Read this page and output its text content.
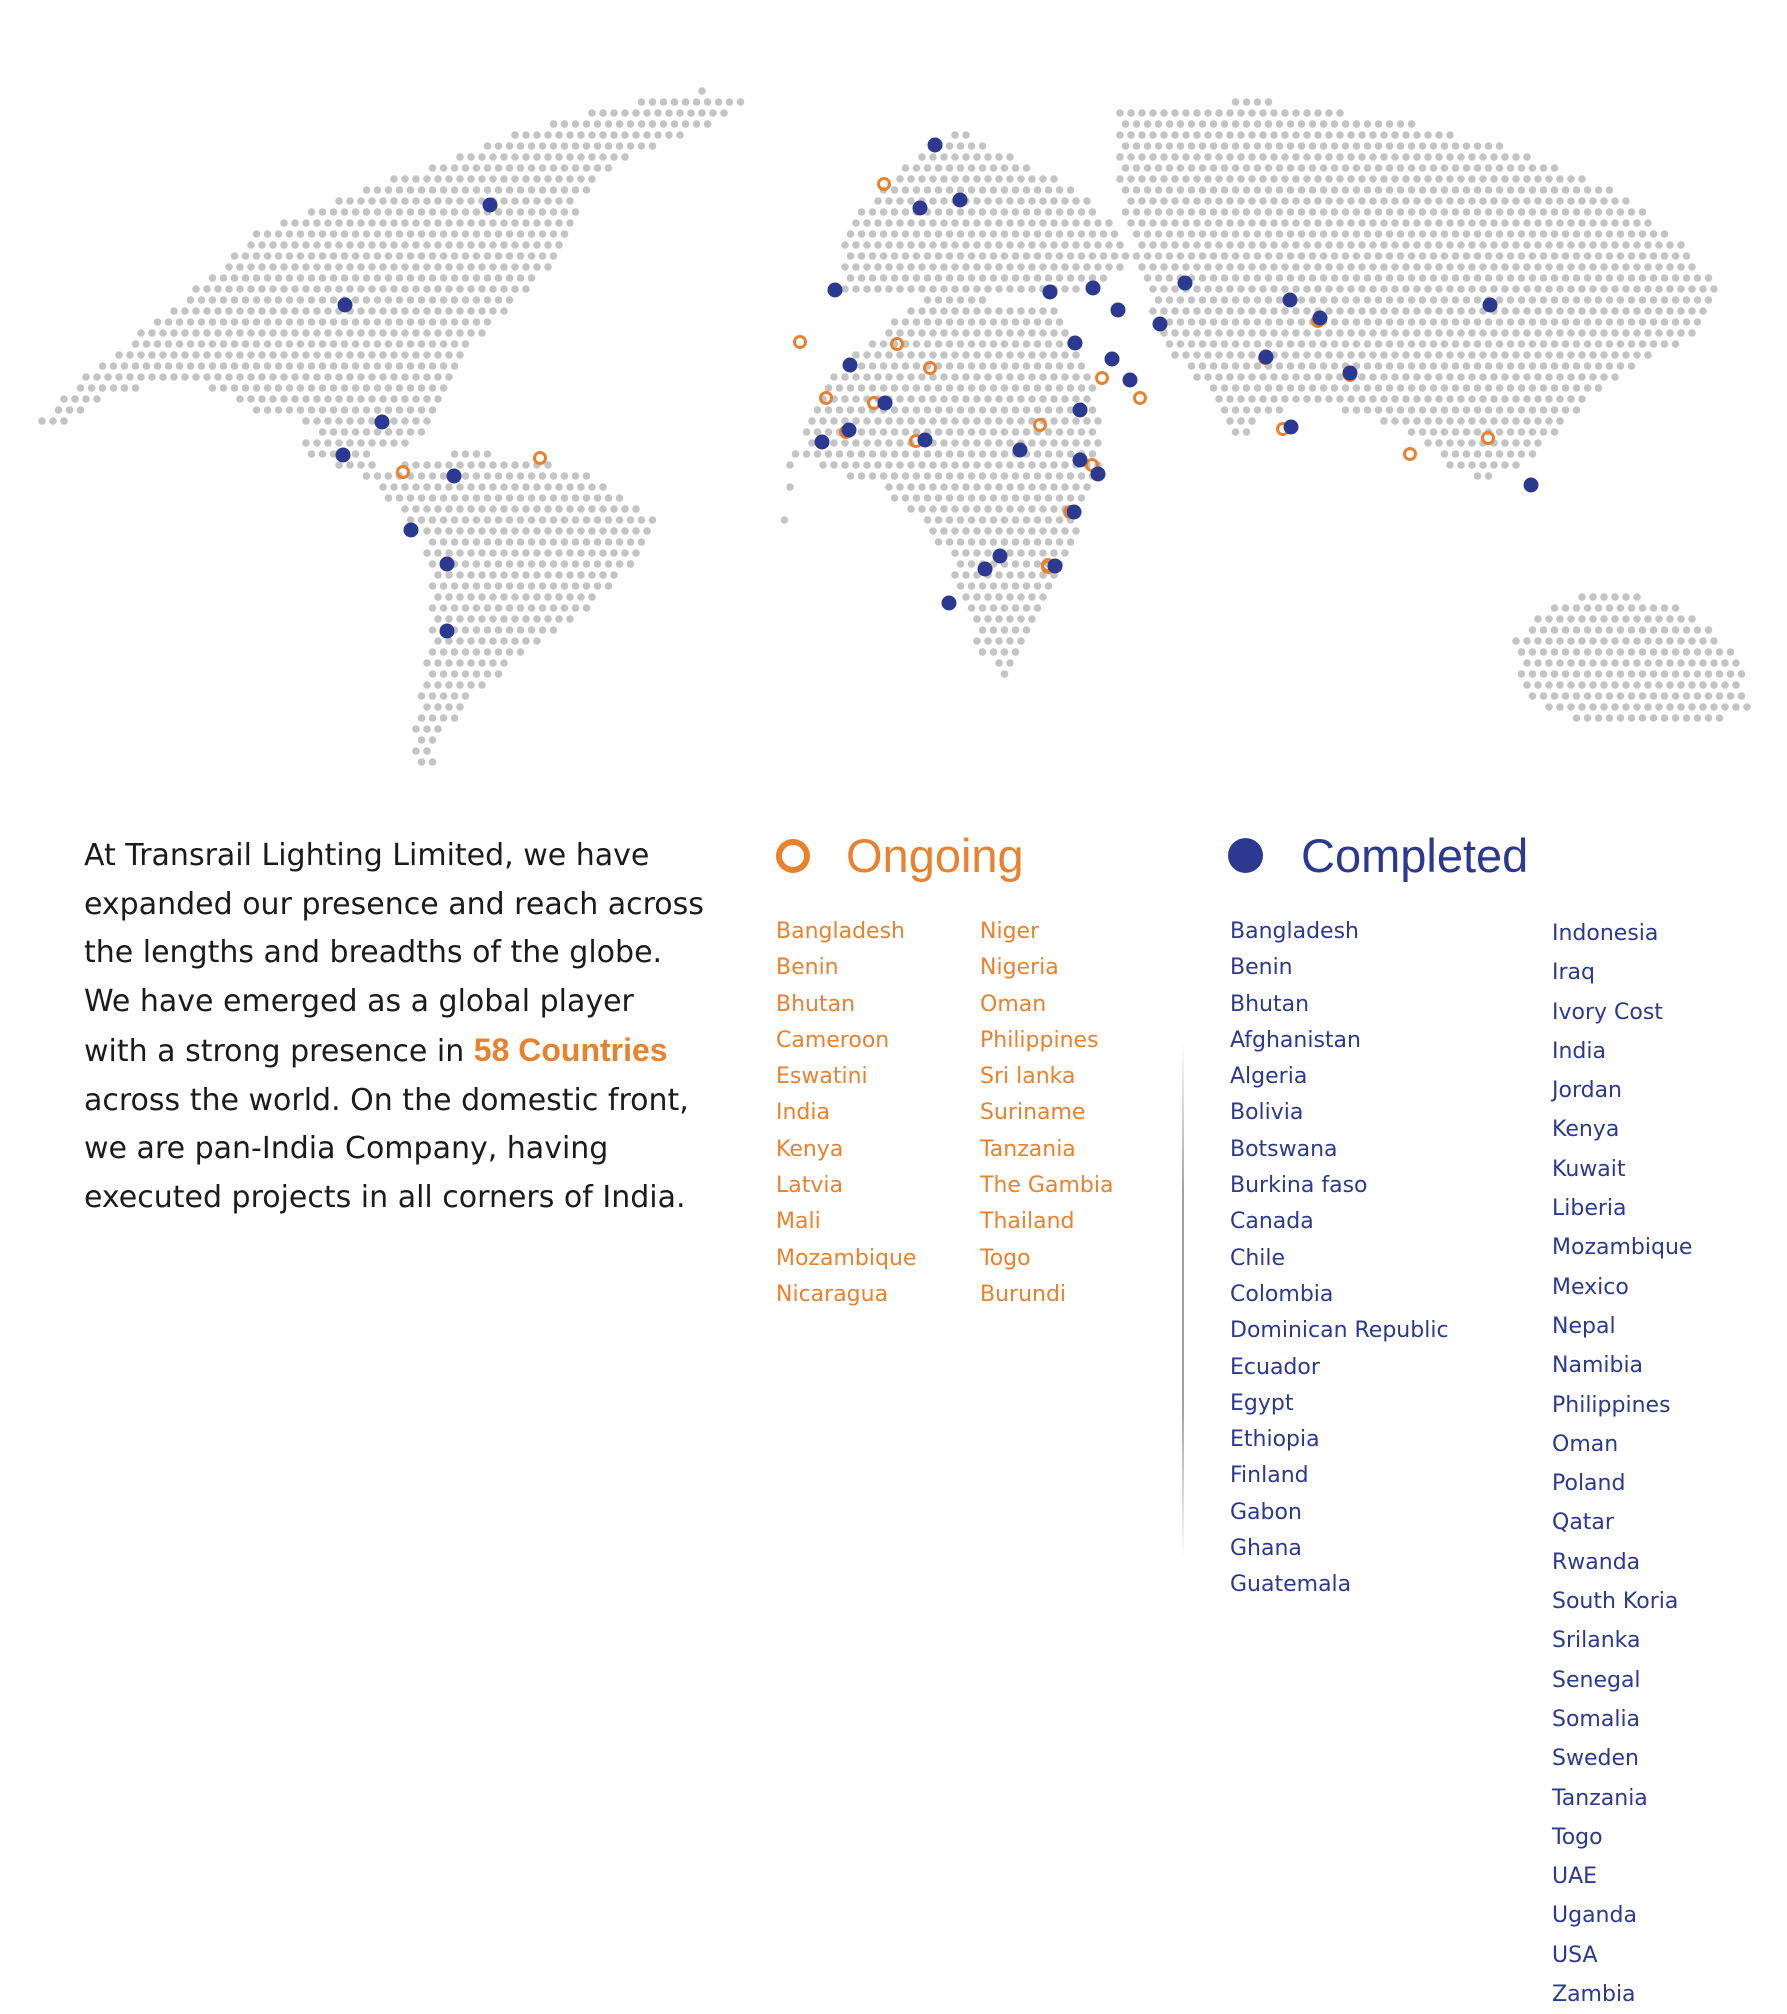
At Transrail Lighting Limited, we have expanded our presence and reach across the lengths and breadths of the globe. We have emerged as a global player with a strong presence in 58 Countries across the world. On the domestic front, we are pan-India Company, having executed projects in all corners of India.
Ongoing	Completed
Bangladesh
Benin
Bhutan
Cameroon
Eswatini
India
Kenya
Latvia
Mali
Mozambique
Nicaragua
Niger
Nigeria
Oman
Philippines
Sri lanka
Suriname
Tanzania
The Gambia
Thailand
Togo
Burundi
Bangladesh
Benin
Bhutan
Afghanistan
Algeria
Bolivia
Botswana
Burkina faso
Canada
Chile
Colombia
Dominican Republic
Ecuador
Egypt
Ethiopia
Finland
Gabon
Ghana
Guatemala
Indonesia
Iraq
Ivory Cost
India
Jordan
Kenya
Kuwait
Liberia
Mozambique
Mexico
Nepal
Namibia
Philippines
Oman
Poland
Qatar
Rwanda
South Koria
Srilanka
Senegal
Somalia
Sweden
Tanzania
Togo
UAE
Uganda
USA
Zambia
